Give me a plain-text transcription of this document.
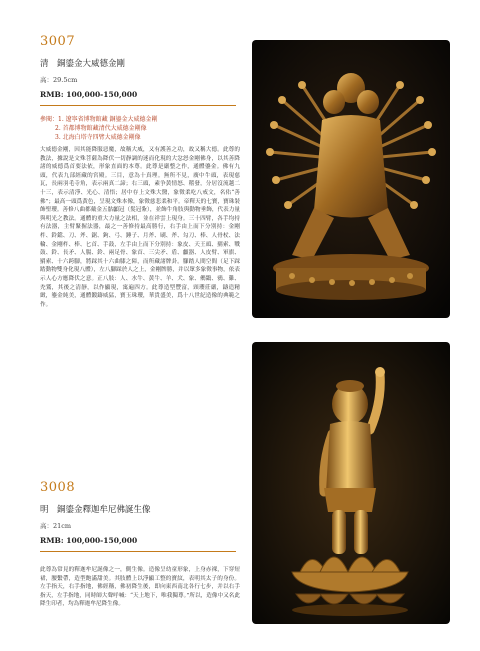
3007
清　銅鎏金大威德金剛
高：29.5cm
RMB: 100,000-150,000
參閱：1. 遼寧省博物館藏 銅鎏金大威德金剛
2. 首都博物館藏清代大威德金剛像
3. 北海白塔寺四臂大威德金剛像
大威德金剛，因其能降服惡魔，故稱大威，又有護善之功，故又稱大德。此尊的教法，據說是文殊菩薩為降伏一切靜調的迷而化現的大忿怒金剛佛身，以其善降諸的威德爲首要法依，形象直面的本尊。此尊是嚴整之作，通體鎏金。佛有九頭，代表九部經藏的宮殿。三目，意為十真理。無所不見，廣中牛頭，表現慈瓦，長兩羽毛寺角，表示兩真二諦；右三頭，素争黃情怒、稽發，分居沒流越二十三，表示清淨、光心、清悟；居中存上文殊大醫，象徵柔吃八戒文，名佑“善佛”；最高一頭爲黃色，呈現文殊本像，象徵慈悲柔和平。帝釋天的七寶，寶珠裝飾聖瓔。善修八曲都戴金五骷顱冠（髮冠紮），並飾牛角肢與動物垂飾，代表力量與明光之教法。通體的重大力量之法相，並在祥雲上現身。三十四臂，各手均持有法器，主臂緊握法器，最之一善修持最高勝行，右手由上而下分別持：金剛杵、鈴鐺、刀、斧、鋸、鉤、弓、錘子、月斧、刷、斧、勾刀、棒、人骨杖、法輪、金剛杵、棒、匕首、手鼓，左手由上而下分別持：象皮、天王頭、羂索、戰鼓、鈴、長矛、人腸、鈴、兩足骨、象首、三尖矛、盾、顱器、人皮臂、軍旗、羂索、十六跨腳，將踩其十六曲膝之障，而所藏諸牌卦。腳踏人間空間（足下踩踏動物雙身化現八體），左八腳踩於人之上，金剛牌勝，并以眾多象徵事物，依表示人心方應降伏之意。正八肢：人、水牛、黃牛、羊、犬、象、鵂鶹、鴉、雞、禿鷲，其後之清靜，以作顯現，寓遍四方。此尊造型豐富，頸瓔莊嚴，鑄造精緻，鎏金純美，通體鍛鑄威猛，寶玉珠瓔，華貴盛美，爲十八世紀造像的典範之作。
3008
明　銅鎏金釋迦牟尼佛誕生像
高：21cm
RMB: 100,000-150,000
此尊為常見的釋迦牟尼誕像之一，側生像。造像呈幼童形象，上身赤裸，下穿短裙，腰繫帶，造型飽滿甜美。其肢體上以淨顯工整的寶紋，表明其太子的身份。左手指天，右手指地，佛經稱，佛初降生後，即向東西南北各行七步，并以右手指天，左手指地，同時師大聲呼喊：“天上地下，唯我獨尊。”所以，造像中又名此降生印者，均為釋迦牟尼降生像。
